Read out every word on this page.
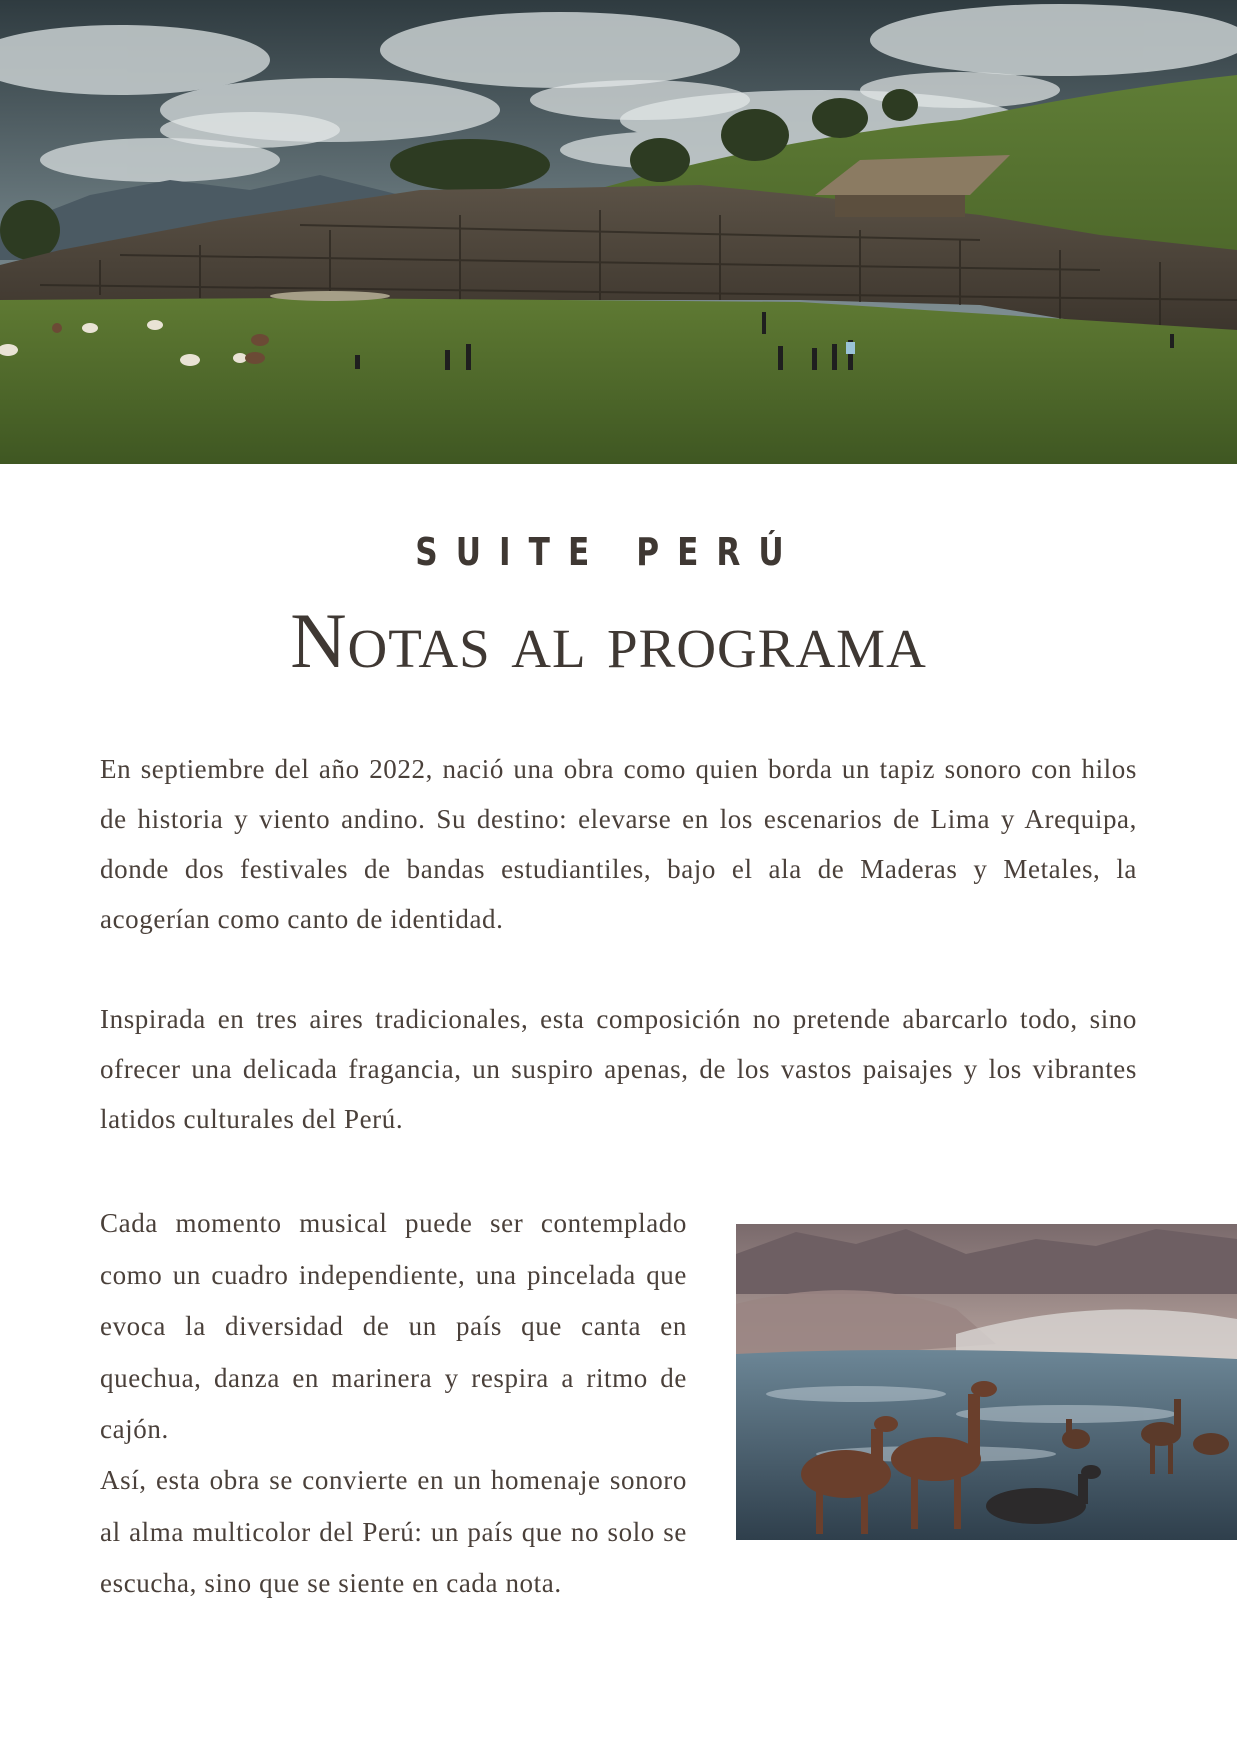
SUITE PERÚ
Notas al programa

En septiembre del año 2022, nació una obra como quien borda un tapiz sonoro con hilos de historia y viento andino. Su destino: elevarse en los escenarios de Lima y Arequipa, donde dos festivales de bandas estudiantiles, bajo el ala de Maderas y Metales, la acogerían como canto de identidad.

Inspirada en tres aires tradicionales, esta composición no pretende abarcarlo todo, sino ofrecer una delicada fragancia, un suspiro apenas, de los vastos paisajes y los vibrantes latidos culturales del Perú.

Cada momento musical puede ser contemplado como un cuadro independiente, una pincelada que evoca la diversidad de un país que canta en quechua, danza en marinera y respira a ritmo de cajón.

Así, esta obra se convierte en un homenaje sonoro al alma multicolor del Perú: un país que no solo se escucha, sino que se siente en cada nota.
